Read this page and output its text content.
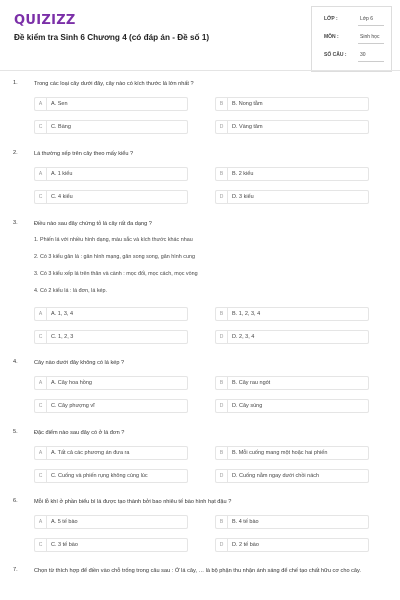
QUIZIZZ
Đề kiểm tra Sinh 6 Chương 4 (có đáp án - Đề số 1)
LỚP :	Lớp 6
MÔN :	Sinh học
SỐ CÂU :	30
1.	Trong các loại cây dưới đây, cây nào có kích thước lá lớn nhất ?
A	A. Sen	B	B. Nong tằm
C	C. Bàng	D	D. Vàng tâm
2.	Lá thường xếp trên cây theo mấy kiểu ?
A	A. 1 kiểu	B	B. 2 kiểu
C	C. 4 kiểu	D	D. 3 kiểu
3.	Điều nào sau đây chứng tỏ lá cây rất đa dạng ?
1. Phiến lá với nhiều hình dạng, màu sắc và kích thước khác nhau
2. Có 3 kiểu gân lá : gân hình mạng, gân song song, gân hình cung
3. Có 3 kiểu xếp lá trên thân và cành : mọc đối, mọc cách, mọc vòng
4. Có 2 kiểu lá : lá đơn, lá kép.
A	A. 1, 3, 4	B	B. 1, 2, 3, 4
C	C. 1, 2, 3	D	D. 2, 3, 4
4.	Cây nào dưới đây không có lá kép ?
A	A. Cây hoa hồng	B	B. Cây rau ngót
C	C. Cây phượng vĩ	D	D. Cây súng
5.	Đặc điểm nào sau đây có ở lá đơn ?
A	A. Tất cả các phương án đưa ra	B	B. Mỗi cuống mang một hoặc hai phiến
C	C. Cuống và phiến rụng không cùng lúc	D	D. Cuống nằm ngay dưới chồi nách
6.	Mỗi lỗ khí ở phần biểu bì lá được tạo thành bởi bao nhiêu tế bào hình hạt đậu ?
A	A. 5 tế bào	B	B. 4 tế bào
C	C. 3 tế bào	D	D. 2 tế bào
7.	Chọn từ thích hợp để điền vào chỗ trống trong câu sau : Ở lá cây, … là bộ phận thu nhận ánh sáng để chế tạo chất hữu cơ cho cây.
